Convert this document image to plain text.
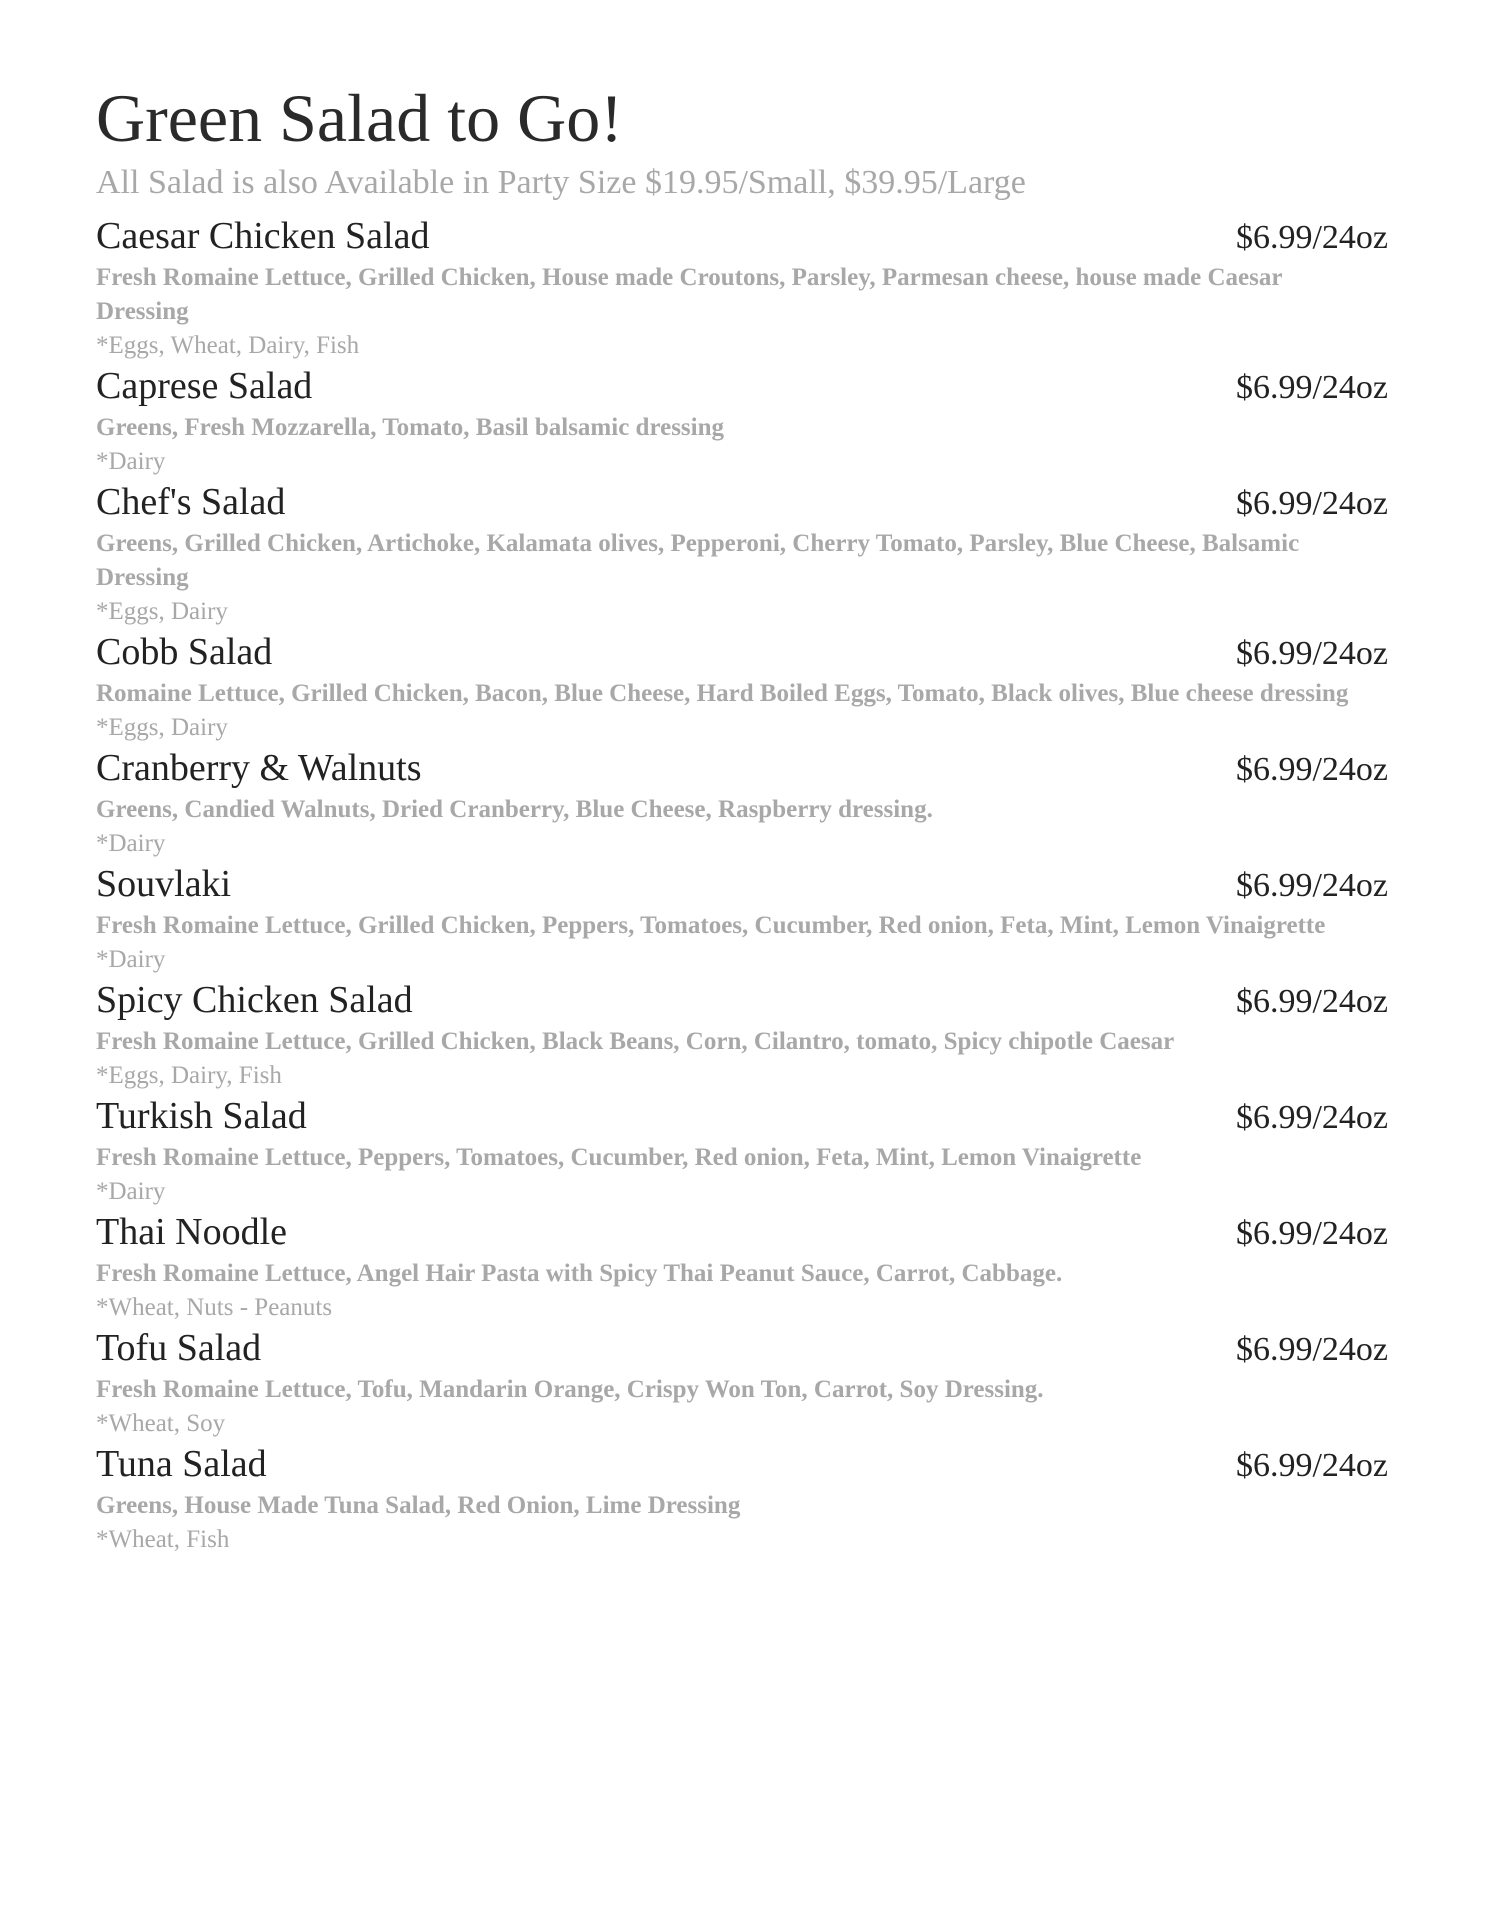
Green Salad to Go!
All Salad is also Available in Party Size $19.95/Small, $39.95/Large
Caesar Chicken Salad	$6.99/24oz
Fresh Romaine Lettuce, Grilled Chicken, House made Croutons, Parsley, Parmesan cheese, house made Caesar Dressing
*Eggs, Wheat, Dairy, Fish
Caprese Salad	$6.99/24oz
Greens, Fresh Mozzarella, Tomato, Basil balsamic dressing
*Dairy
Chef's Salad	$6.99/24oz
Greens, Grilled Chicken, Artichoke, Kalamata olives, Pepperoni, Cherry Tomato, Parsley, Blue Cheese, Balsamic Dressing
*Eggs, Dairy
Cobb Salad	$6.99/24oz
Romaine Lettuce, Grilled Chicken, Bacon, Blue Cheese, Hard Boiled Eggs, Tomato, Black olives, Blue cheese dressing
*Eggs, Dairy
Cranberry & Walnuts	$6.99/24oz
Greens, Candied Walnuts, Dried Cranberry, Blue Cheese, Raspberry dressing.
*Dairy
Souvlaki	$6.99/24oz
Fresh Romaine Lettuce, Grilled Chicken, Peppers, Tomatoes, Cucumber, Red onion, Feta, Mint, Lemon Vinaigrette
*Dairy
Spicy Chicken Salad	$6.99/24oz
Fresh Romaine Lettuce, Grilled Chicken, Black Beans, Corn, Cilantro, tomato, Spicy chipotle Caesar
*Eggs, Dairy, Fish
Turkish Salad	$6.99/24oz
Fresh Romaine Lettuce, Peppers, Tomatoes, Cucumber, Red onion, Feta, Mint, Lemon Vinaigrette
*Dairy
Thai Noodle	$6.99/24oz
Fresh Romaine Lettuce, Angel Hair Pasta with Spicy Thai Peanut Sauce, Carrot, Cabbage.
*Wheat, Nuts - Peanuts
Tofu Salad	$6.99/24oz
Fresh Romaine Lettuce, Tofu, Mandarin Orange, Crispy Won Ton, Carrot, Soy Dressing.
*Wheat, Soy
Tuna Salad	$6.99/24oz
Greens, House Made Tuna Salad, Red Onion, Lime Dressing
*Wheat, Fish
